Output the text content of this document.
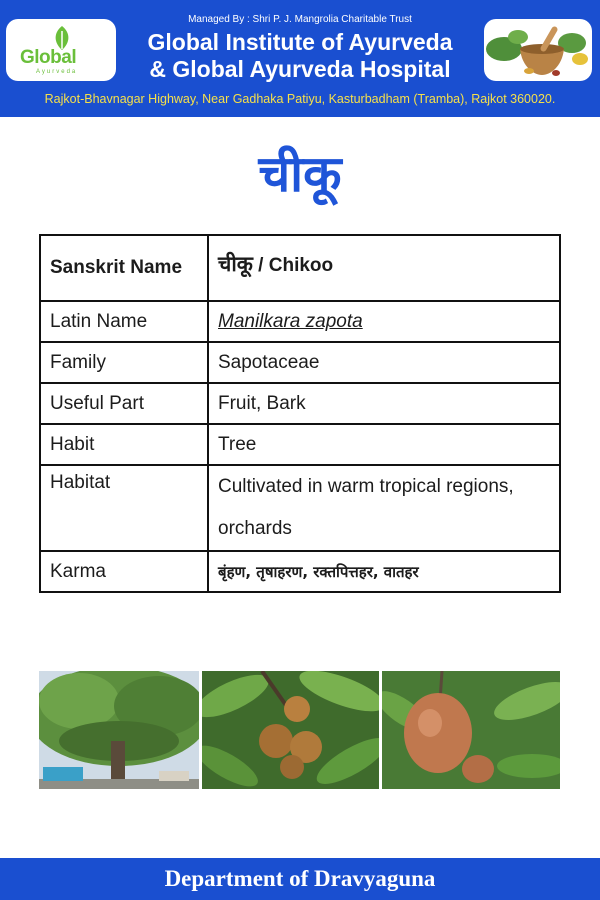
Global
Ayurveda
Managed By : Shri P. J. Mangrolia Charitable Trust
Global Institute of Ayurveda
& Global Ayurveda Hospital
Rajkot-Bhavnagar Highway, Near Gadhaka Patiyu, Kasturbadham (Tramba), Rajkot 360020.
चीकू
Sanskrit Name	चीकू / Chikoo
Latin Name	Manilkara zapota
Family	Sapotaceae
Useful Part	Fruit, Bark
Habit	Tree
Habitat	Cultivated in warm tropical regions, orchards
Karma	बृंहण, तृषाहरण, रक्तपित्तहर, वातहर
Department of Dravyaguna
